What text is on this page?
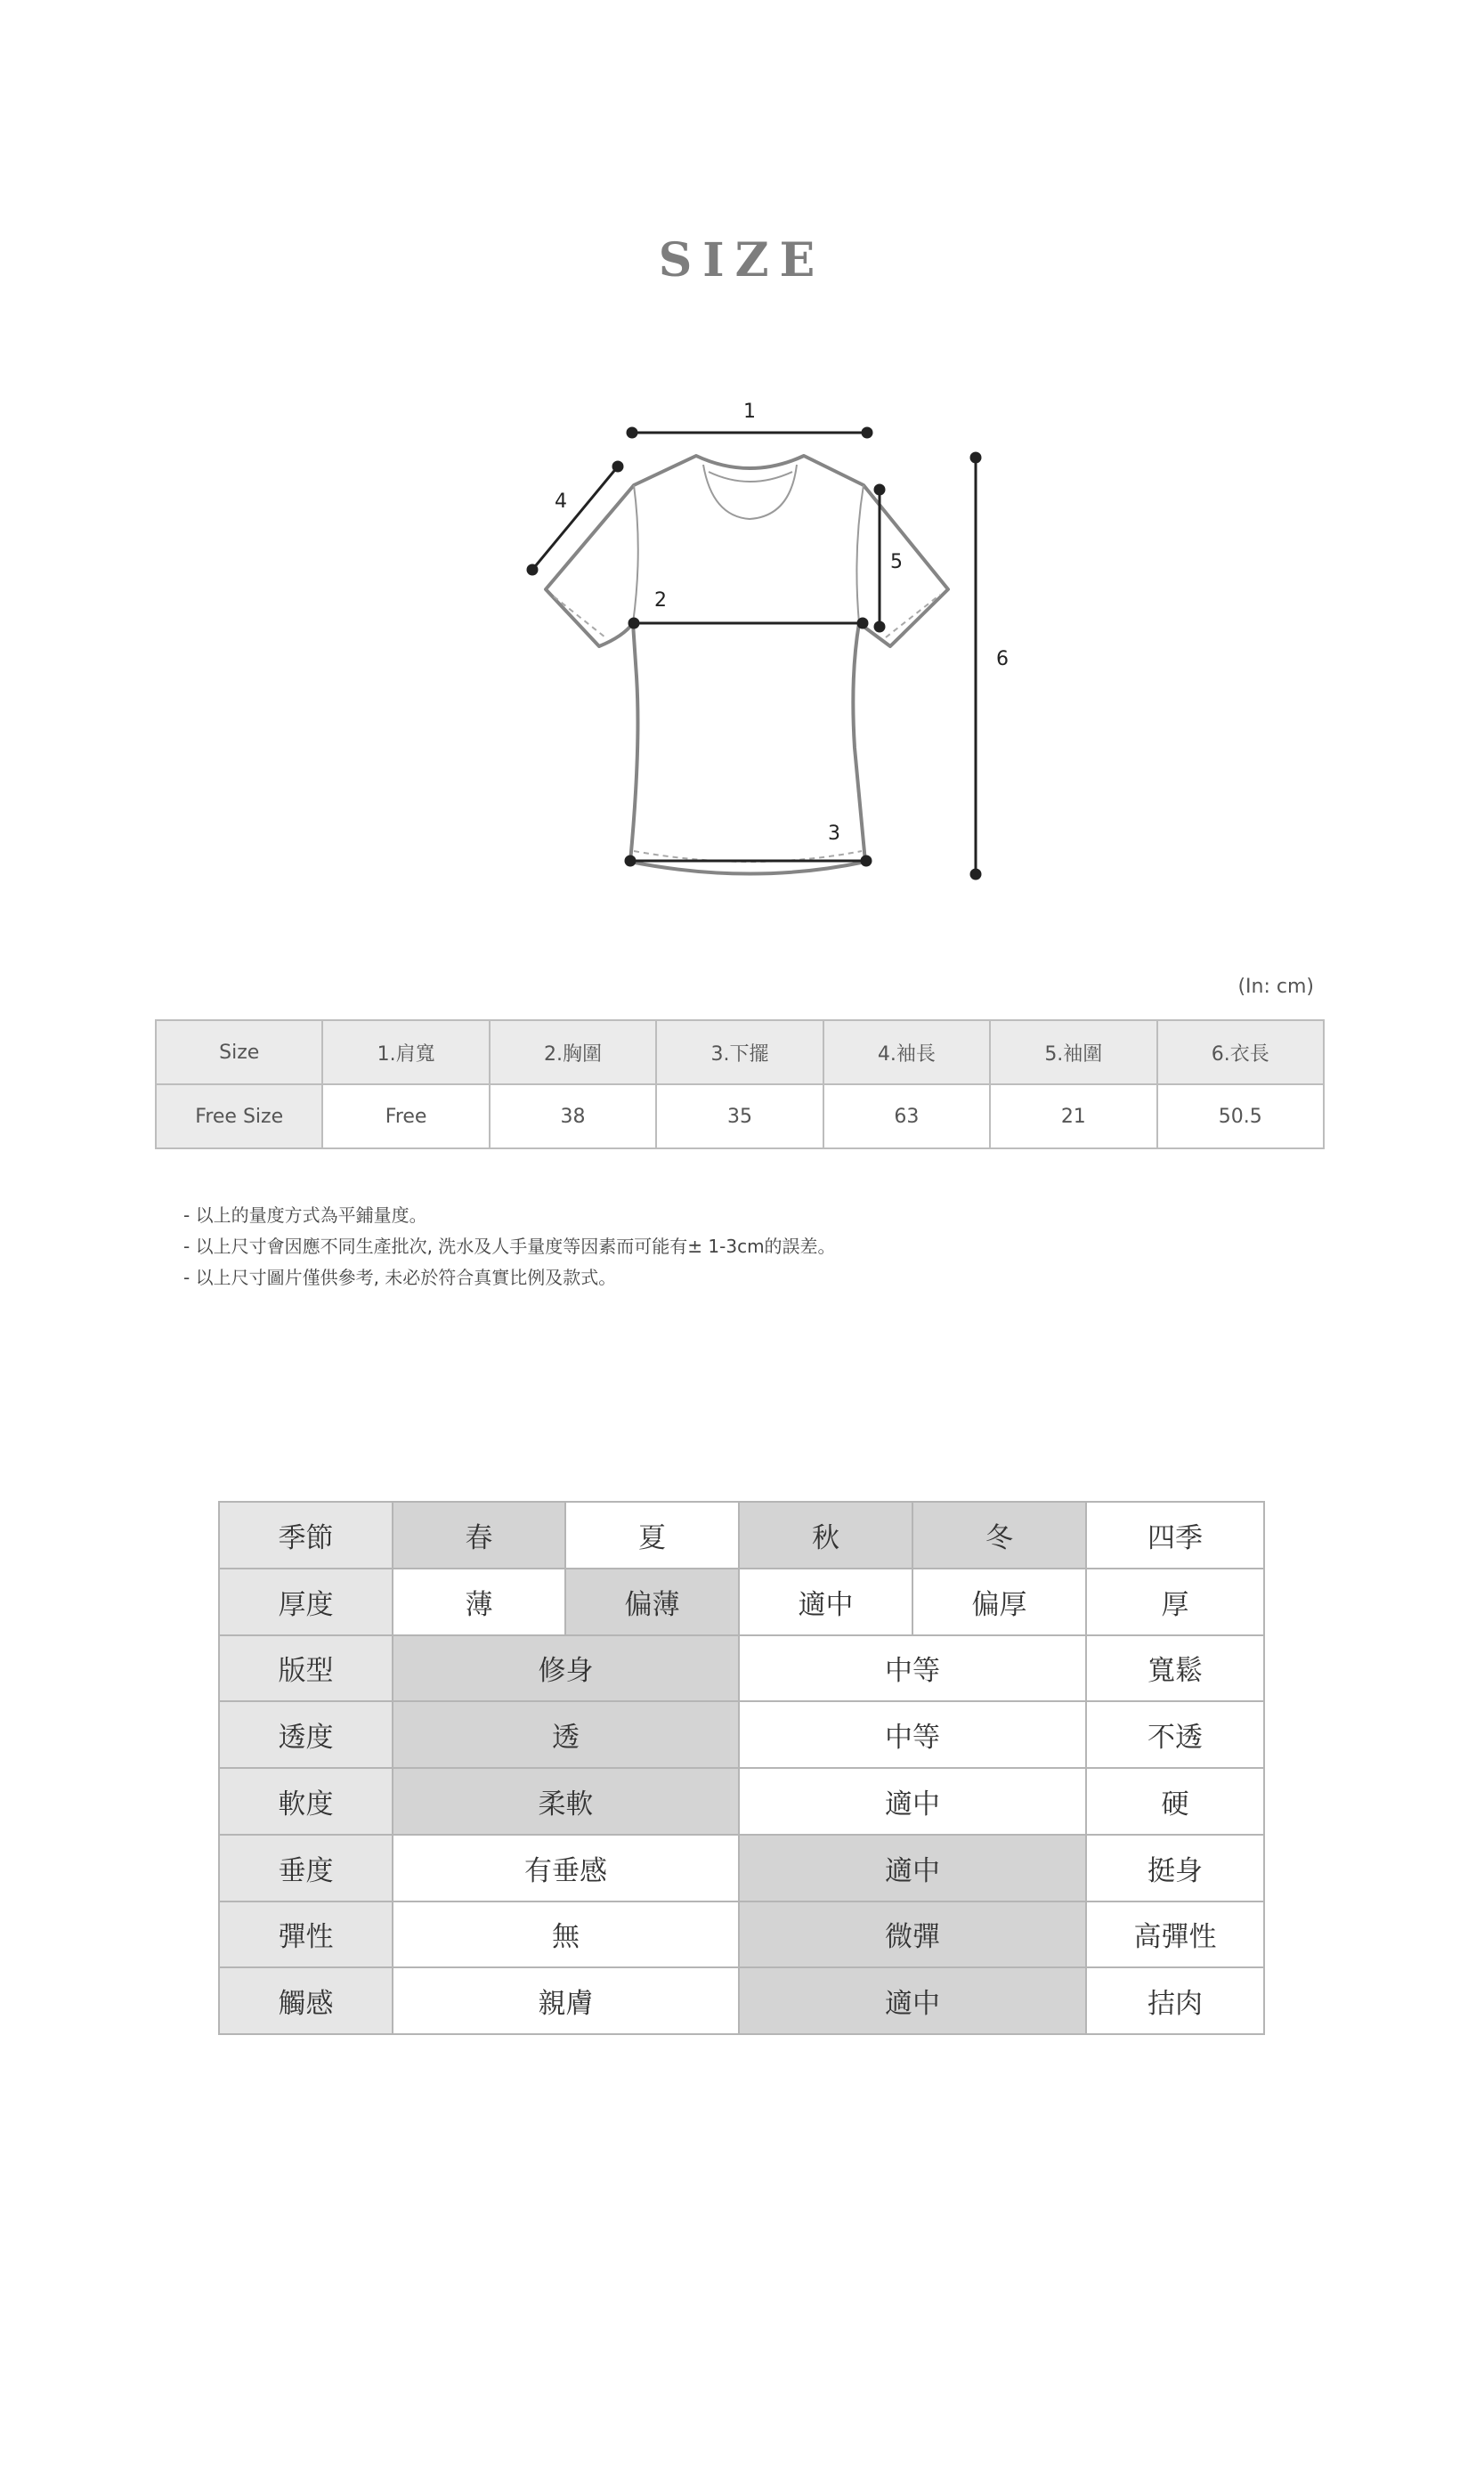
SIZE
1
2
3
4
5
6
(In: cm)
Size	1.肩寬	2.胸圍	3.下擺	4.袖長	5.袖圍	6.衣長
Free Size	Free	38	35	63	21	50.5
- 以上的量度方式為平鋪量度。
- 以上尺寸會因應不同生產批次, 洗水及人手量度等因素而可能有± 1-3cm的誤差。
- 以上尺寸圖片僅供參考, 未必於符合真實比例及款式。
季節	春	夏	秋	冬	四季
厚度	薄	偏薄	適中	偏厚	厚
版型	修身		中等		寬鬆
透度	透		中等		不透
軟度	柔軟		適中		硬
垂度	有垂感		適中		挺身
彈性	無		微彈		高彈性
觸感	親膚		適中		拮肉
